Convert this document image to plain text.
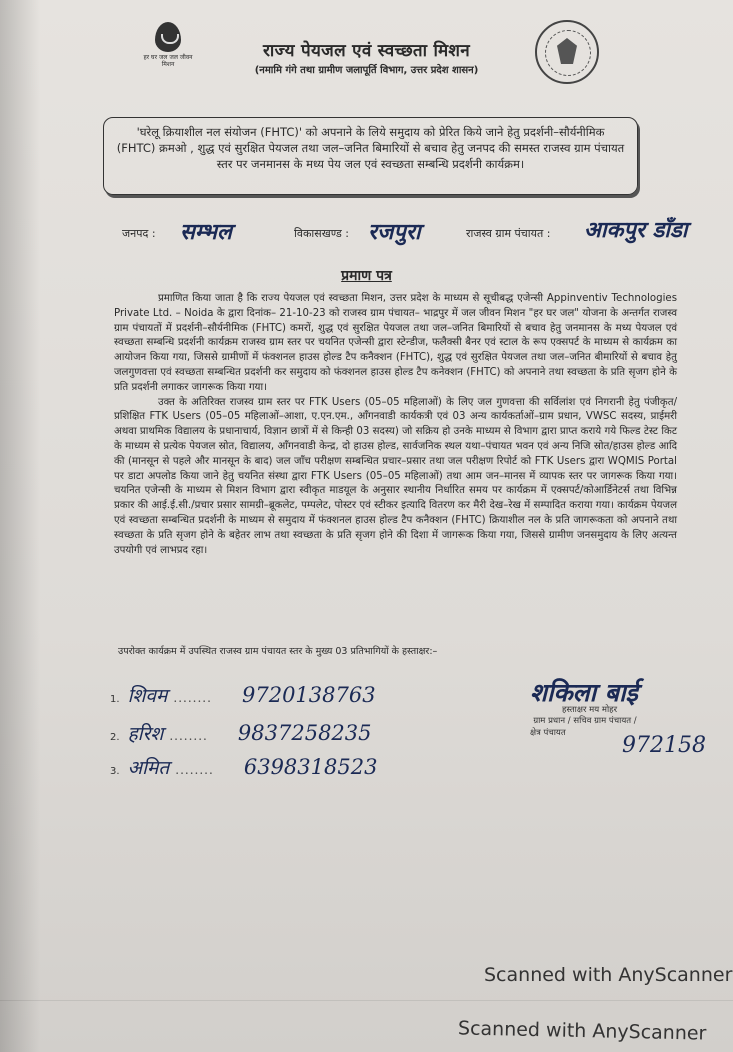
हर घर जल जल जीवन मिशन
राज्य पेयजल एवं स्वच्छता मिशन
(नमामि गंगे तथा ग्रामीण जलापूर्ति विभाग, उत्तर प्रदेश शासन)
'घरेलू क्रियाशील नल संयोजन (FHTC)' को अपनाने के लिये समुदाय को प्रेरित किये जाने हेतु प्रदर्शनी–सौर्यनीमिक (FHTC) क्रमओ , शुद्ध एवं सुरक्षित पेयजल तथा जल–जनित बिमारियों से बचाव हेतु जनपद की समस्त राजस्व ग्राम पंचायत स्तर पर जनमानस के मध्य पेय जल एवं स्वच्छता सम्बन्धि प्रदर्शनी कार्यक्रम।
जनपद : सम्भल	विकासखण्ड : रजपुरा	राजस्व ग्राम पंचायत : आकपुर डाँडा
प्रमाण पत्र

प्रमाणित किया जाता है कि राज्य पेयजल एवं स्वच्छता मिशन, उत्तर प्रदेश के माध्यम से सूचीबद्ध एजेन्सी Appinventiv Technologies Private Ltd. – Noida के द्वारा दिनांक– 21-10-23 को राजस्व ग्राम पंचायत– भाद्रपुर में जल जीवन मिशन "हर घर जल" योजना के अन्तर्गत राजस्व ग्राम पंचायतों में प्रदर्शनी–सौर्यनीमिक (FHTC) कमरों, शुद्ध एवं सुरक्षित पेयजल तथा जल–जनित बिमारियों से बचाव हेतु जनमानस के मध्य पेयजल एवं स्वच्छता सम्बन्धि प्रदर्शनी कार्यक्रम राजस्व ग्राम स्तर पर चयनित एजेन्सी द्वारा स्टेन्डीज, फलैक्सी बैनर एवं स्टाल के रूप एक्सपर्ट के माध्यम से कार्यक्रम का आयोजन किया गया, जिससे ग्रामीणों में फंक्शनल हाउस होल्ड टैप कनैक्शन (FHTC), शुद्ध एवं सुरक्षित पेयजल तथा जल–जनित बीमारियों से बचाव हेतु जलगुणवत्ता एवं स्वच्छता सम्बन्धित प्रदर्शनी कर समुदाय को फंक्शनल हाउस होल्ड टैप कनेक्शन (FHTC) को अपनाने तथा स्वच्छता के प्रति सृजग होने के प्रति प्रदर्शनी लगाकर जागरूक किया गया।

उक्त के अतिरिक्त राजस्व ग्राम स्तर पर FTK Users (05–05 महिलाओं) के लिए जल गुणवत्ता की सर्विलांश एवं निगरानी हेतु पंजीकृत/प्रशिक्षित FTK Users (05–05 महिलाओं–आशा, ए.एन.एम., आँगनवाडी कार्यकत्री एवं 03 अन्य कार्यकर्ताओं–ग्राम प्रधान, VWSC सदस्य, प्राईमरी अथवा प्राथमिक विद्यालय के प्रधानाचार्य, विज्ञान छात्रों में से किन्ही 03 सदस्य) जो सक्रिय हो उनके माध्यम से विभाग द्वारा प्राप्त कराये गये फिल्ड टेस्ट किट के माध्यम से प्रत्येक पेयजल स्रोत, विद्यालय, आँगनवाडी केन्द्र, दो हाउस होल्ड, सार्वजनिक स्थल यथा–पंचायत भवन एवं अन्य निजि स्रोत/हाउस होल्ड आदि की (मानसून से पहले और मानसून के बाद) जल जाँच परीक्षण सम्बन्धित प्रचार–प्रसार तथा जल परीक्षण रिपोर्ट को FTK Users द्वारा WQMIS Portal पर डाटा अपलोड किया जाने हेतु चयनित संस्था द्वारा FTK Users (05–05 महिलाओं) तथा आम जन–मानस में व्यापक स्तर पर जागरूक किया गया। चयनित एजेन्सी के माध्यम से मिशन विभाग द्वारा स्वीकृत माडयूल के अनुसार स्थानीय निर्धारित समय पर कार्यक्रम में एक्सपर्ट/कोआर्डिनेटर्स तथा विभिन्न प्रकार की आई.ई.सी./प्रचार प्रसार सामग्री–ब्रूकलेट, पम्पलेट, पोस्टर एवं स्टीकर इत्यादि वितरण कर मैरी देख–रेख में सम्पादित कराया गया। कार्यक्रम पेयजल एवं स्वच्छता सम्बन्धित प्रदर्शनी के माध्यम से समुदाय में फंक्शनल हाउस होल्ड टैप कनैक्शन (FHTC) क्रियाशील नल के प्रति जागरूकता को अपनाने तथा स्वच्छता के प्रति सृजग होने के बहेतर लाभ तथा स्वच्छता के प्रति सृजग होने की दिशा में जागरूक किया गया, जिससे ग्रामीण जनसमुदाय के लिए अत्यन्त उपयोगी एवं लाभप्रद रहा।

उपरोक्त कार्यक्रम में उपस्थित राजस्व ग्राम पंचायत स्तर के मुख्य 03 प्रतिभागियों के हस्ताक्षर:–
1. शिवम ........ 9720138763
2. हरिश ........ 9837258235
3. अमित ........ 6398318523
शकिला बाई
हस्ताक्षर मय मोहर
ग्राम प्रधान / सचिव ग्राम पंचायत /
क्षेत्र पंचायत	972158
Scanned with AnyScanner
Scanned with AnyScanner
